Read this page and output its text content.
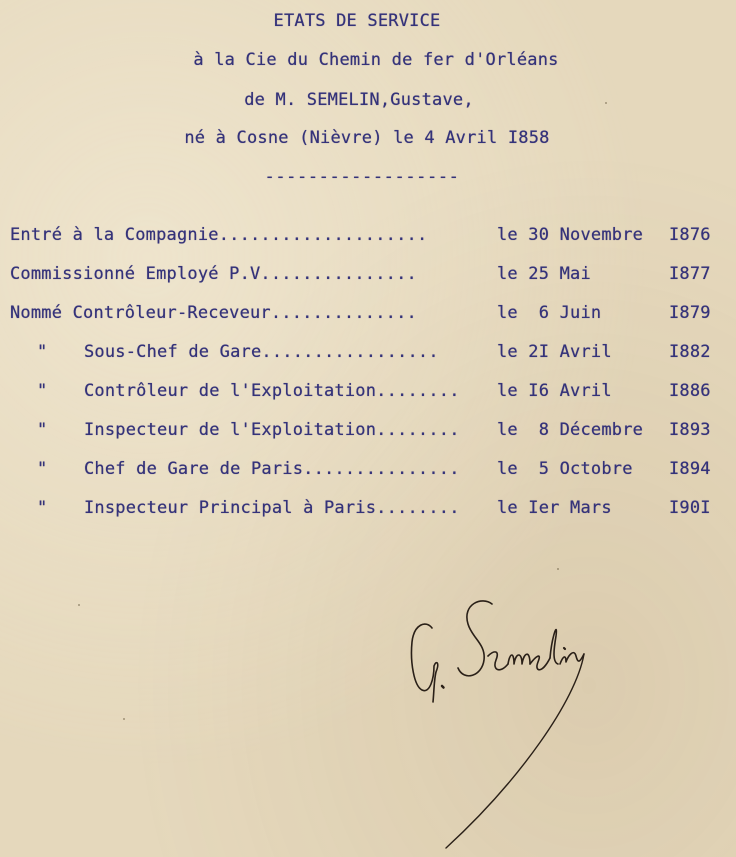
ETATS DE SERVICE
à la Cie du Chemin de fer d'Orléans
de M. SEMELIN,Gustave,
né à Cosne (Nièvre) le 4 Avril I858
------------------
Entré à la Compagnie....................	le 30 Novembre I876
Commissionné Employé P.V...............	le 25 Mai	I877
Nommé Contrôleur-Receveur..............	le  6 Juin	I879
" Sous-Chef de Gare.................	le 2I Avril	I882
" Contrôleur de l'Exploitation........ le I6 Avril	I886
" Inspecteur de l'Exploitation........ le  8 Décembre I893
" Chef de Gare de Paris............... le  5 Octobre I894
" Inspecteur Principal à Paris........ le Ier Mars	I90I
